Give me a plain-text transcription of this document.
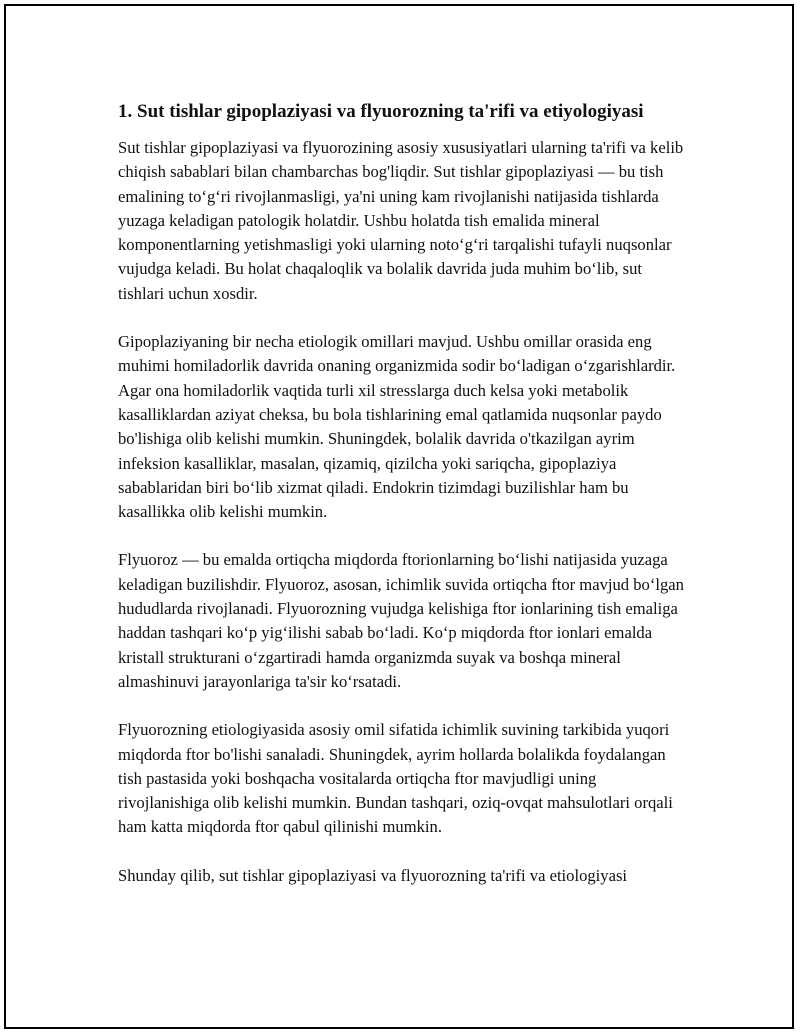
1. Sut tishlar gipoplaziyasi va flyuorozning ta'rifi va etiyologiyasi

Sut tishlar gipoplaziyasi va flyuorozining asosiy xususiyatlari ularning ta'rifi va kelib chiqish sabablari bilan chambarchas bog'liqdir. Sut tishlar gipoplaziyasi — bu tish emalining to‘g‘ri rivojlanmasligi, ya'ni uning kam rivojlanishi natijasida tishlarda yuzaga keladigan patologik holatdir. Ushbu holatda tish emalida mineral komponentlarning yetishmasligi yoki ularning noto‘g‘ri tarqalishi tufayli nuqsonlar vujudga keladi. Bu holat chaqaloqlik va bolalik davrida juda muhim bo‘lib, sut tishlari uchun xosdir.

Gipoplaziyaning bir necha etiologik omillari mavjud. Ushbu omillar orasida eng muhimi homiladorlik davrida onaning organizmida sodir bo‘ladigan o‘zgarishlardir. Agar ona homiladorlik vaqtida turli xil stresslarga duch kelsa yoki metabolik kasalliklardan aziyat cheksa, bu bola tishlarining emal qatlamida nuqsonlar paydo bo'lishiga olib kelishi mumkin. Shuningdek, bolalik davrida o'tkazilgan ayrim infeksion kasalliklar, masalan, qizamiq, qizilcha yoki sariqcha, gipoplaziya sabablaridan biri bo‘lib xizmat qiladi. Endokrin tizimdagi buzilishlar ham bu kasallikka olib kelishi mumkin.

Flyuoroz — bu emalda ortiqcha miqdorda ftorionlarning bo‘lishi natijasida yuzaga keladigan buzilishdir. Flyuoroz, asosan, ichimlik suvida ortiqcha ftor mavjud bo‘lgan hududlarda rivojlanadi. Flyuorozning vujudga kelishiga ftor ionlarining tish emaliga haddan tashqari ko‘p yig‘ilishi sabab bo‘ladi. Ko‘p miqdorda ftor ionlari emalda kristall strukturani o‘zgartiradi hamda organizmda suyak va boshqa mineral almashinuvi jarayonlariga ta'sir ko‘rsatadi.

Flyuorozning etiologiyasida asosiy omil sifatida ichimlik suvining tarkibida yuqori miqdorda ftor bo'lishi sanaladi. Shuningdek, ayrim hollarda bolalikda foydalangan tish pastasida yoki boshqacha vositalarda ortiqcha ftor mavjudligi uning rivojlanishiga olib kelishi mumkin. Bundan tashqari, oziq-ovqat mahsulotlari orqali ham katta miqdorda ftor qabul qilinishi mumkin.

Shunday qilib, sut tishlar gipoplaziyasi va flyuorozning ta'rifi va etiologiyasi
